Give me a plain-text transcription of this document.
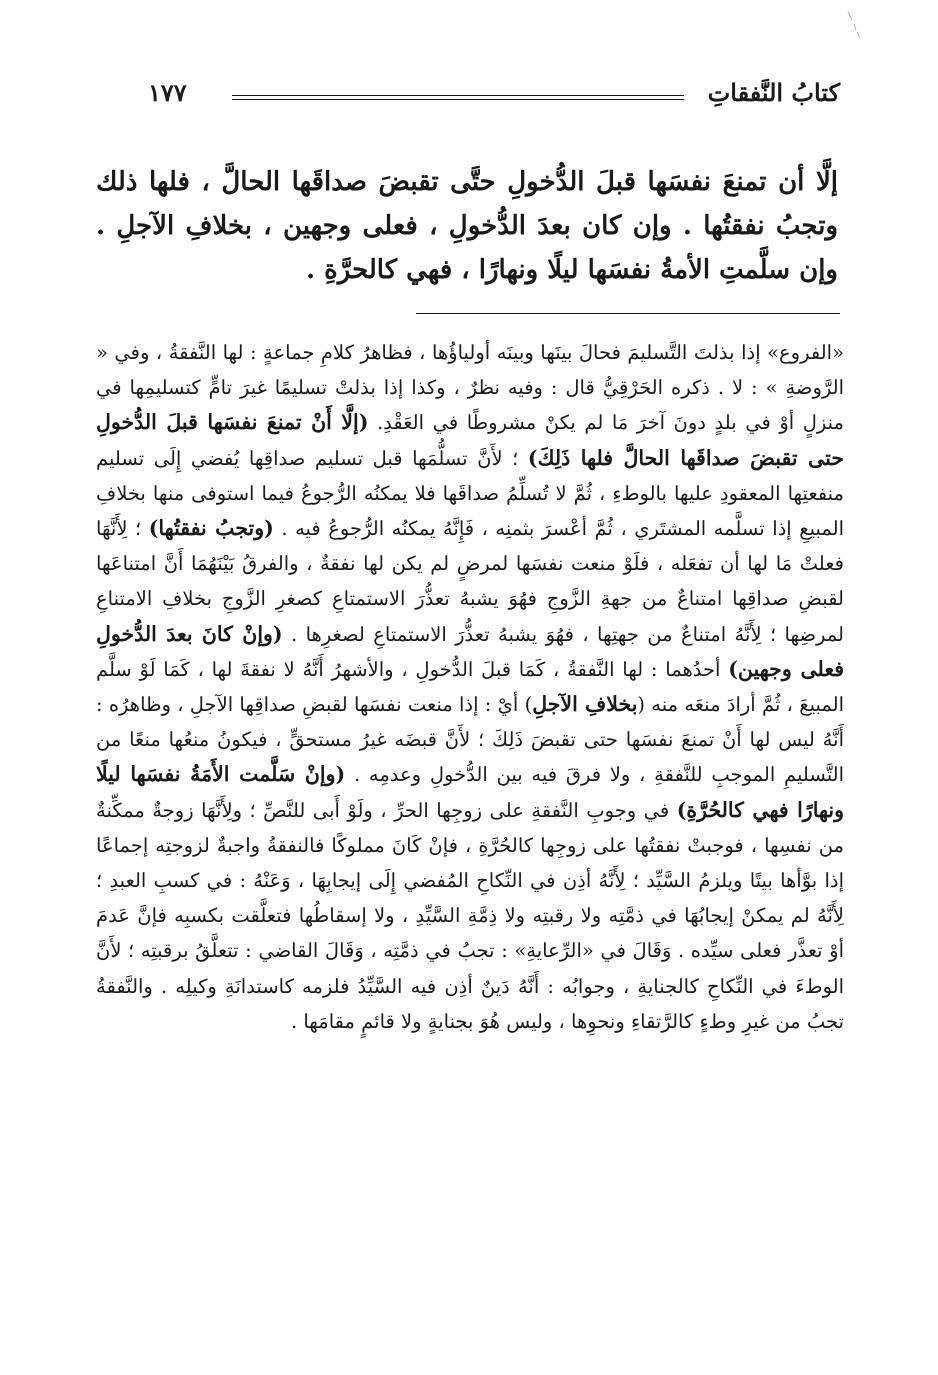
كتابُ النَّفقاتِ
١٧٧
إلَّا أن تمنعَ نفسَها قبلَ الدُّخولِ حتَّى تقبضَ صداقَها الحالَّ ، فلها ذلك وتجبُ نفقتُها . وإن كان بعدَ الدُّخولِ ، فعلى وجهين ، بخلافِ الآجلِ . وإن سلَّمتِ الأمةُ نفسَها ليلًا ونهارًا ، فهي كالحرَّةِ .
«الفروع» إذا بذلتَ التَّسليمَ فحالَ بينَها وبينَه أولياؤُها ، فظاهرُ كلامِ جماعةٍ : لها النَّفقةُ ، وفي « الرَّوضةِ » : لا . ذكره الحَرْقِيُّ قال : وفيه نظرٌ ، وكذا إذا بذلتْ تسليمًا غيرَ تامٍّ كتسليمِها في منزلٍ أوْ في بلدٍ دونَ آخرَ مَا لم يكنْ مشروطًا في العَقْدِ. (إلَّا أَنْ تمنعَ نفسَها قبلَ الدُّخولِ حتى تقبضَ صداقَها الحالَّ فلها ذَلِكَ) ؛ لأَنَّ تسلُّمَها قبل تسليم صداقِها يُفضي إِلَى تسليم منفعتِها المعقودِ عليها بالوطءِ ، ثُمَّ لا تُسلِّمُ صداقَها فلا يمكنُه الرُّجوعُ فيما استوفى منها بخلافِ المبيعِ إذا تسلَّمه المشتَري ، ثُمَّ أعْسرَ بثمنِه ، فَإِنَّهُ يمكنُه الرُّجوعُ فيه . (وتجبُ نفقتُها) ؛ لِأَنَّهَا فعلتْ مَا لها أن تفعَله ، فلَوْ منعت نفسَها لمرضٍ لم يكن لها نفقةٌ ، والفرقُ بَيْنَهُمَا أَنَّ امتناعَها لقبضِ صداقِها امتناعٌ من جهةِ الزَّوجِ فهُوَ يشبهُ تعذُّرَ الاستمتاعِ كصغرِ الزَّوجِ بخلافِ الامتناعِ لمرضِها ؛ لِأَنَّهُ امتناعٌ من جهتِها ، فهُوَ يشبهُ تعذُّرَ الاستمتاعِ لصغرِها . (وإنْ كانَ بعدَ الدُّخولِ فعلى وجهين) أحدُهما : لها النَّفقةُ ، كَمَا قبلَ الدُّخولِ ، والأشهرُ أَنَّهُ لا نفقةَ لها ، كَمَا لَوْ سلَّم المبيعَ ، ثُمَّ أرادَ منعَه منه (بخلافِ الآجلِ) أيْ : إذا منعت نفسَها لقبضِ صداقِها الآجلِ ، وظاهرُه : أَنَّهُ ليس لها أَنْ تمنعَ نفسَها حتى تقبضَ ذَلِكَ ؛ لأَنَّ قبضَه غيرُ مستحقٍّ ، فيكونُ منعُها منعًا من التَّسليمِ الموجبِ للنَّفقةِ ، ولا فرقَ فيه بين الدُّخولِ وعدمِه . (وإنْ سَلَّمت الأَمَةُ نفسَها ليلًا ونهارًا فهي كالحُرَّةِ) في وجوبِ النَّفقةِ على زوجِها الحرِّ ، ولَوْ أَبى للنَّصِّ ؛ ولِأَنَّهَا زوجةٌ ممكِّنةٌ من نفسِها ، فوجبتْ نفقتُها على زوجِها كالحُرَّةِ ، فإنْ كَانَ مملوكًا فالنفقةُ واجبةٌ لزوجتِه إجماعًا إذا بوَّأها بيتًا ويلزمُ السَّيِّد ؛ لِأَنَّهُ أذِن في النِّكاحِ المُفضي إِلَى إيجابِهَا ، وَعَنْهُ : في كسبِ العبدِ ؛ لِأَنَّهُ لم يمكنْ إيجابُهَا في ذمَّتِه ولا رقبتِه ولا ذِمَّةِ السَّيِّدِ ، ولا إسقاطُها فتعلَّقت بكسبِه فإنَّ عَدمَ أوْ تعذَّر فعلى سيِّده . وَقَالَ في «الرِّعايةِ» : تجبُ في ذمَّتِه ، وَقَالَ القاضي : تتعلَّقُ برقبتِه ؛ لأَنَّ الوطءَ في النِّكاحِ كالجنايةِ ، وجوابُه : أَنَّهُ دَينٌ أذِن فيه السَّيِّدُ فلزمه كاستدانَةِ وكيلِه . والنَّفقةُ تجبُ من غيرِ وطءٍ كالرَّتقاءِ ونحوِها ، وليس هُوَ بجنايةٍ ولا قائمٍ مقامَها .
